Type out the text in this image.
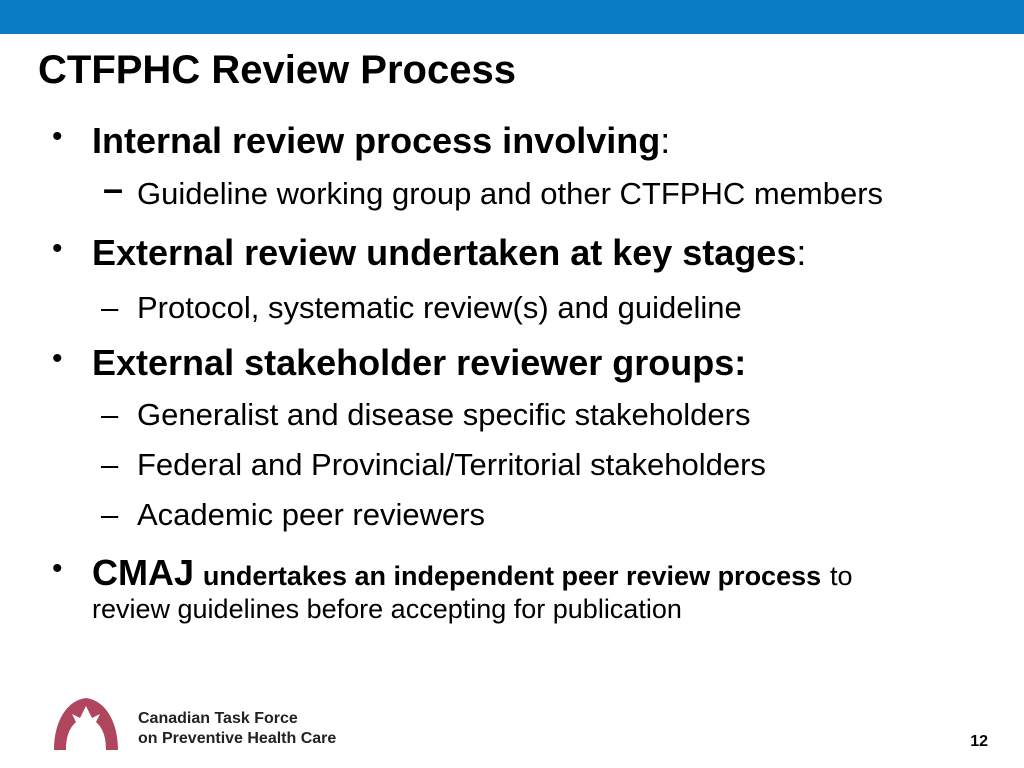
CTFPHC Review Process
• Internal review process involving:
– Guideline working group and other CTFPHC members
• External review undertaken at key stages:
– Protocol, systematic review(s) and guideline
• External stakeholder reviewer groups:
– Generalist and disease specific stakeholders
– Federal and Provincial/Territorial stakeholders
– Academic peer reviewers
• CMAJ undertakes an independent peer review process to
review guidelines before accepting for publication
Canadian Task Force
on Preventive Health Care	12
